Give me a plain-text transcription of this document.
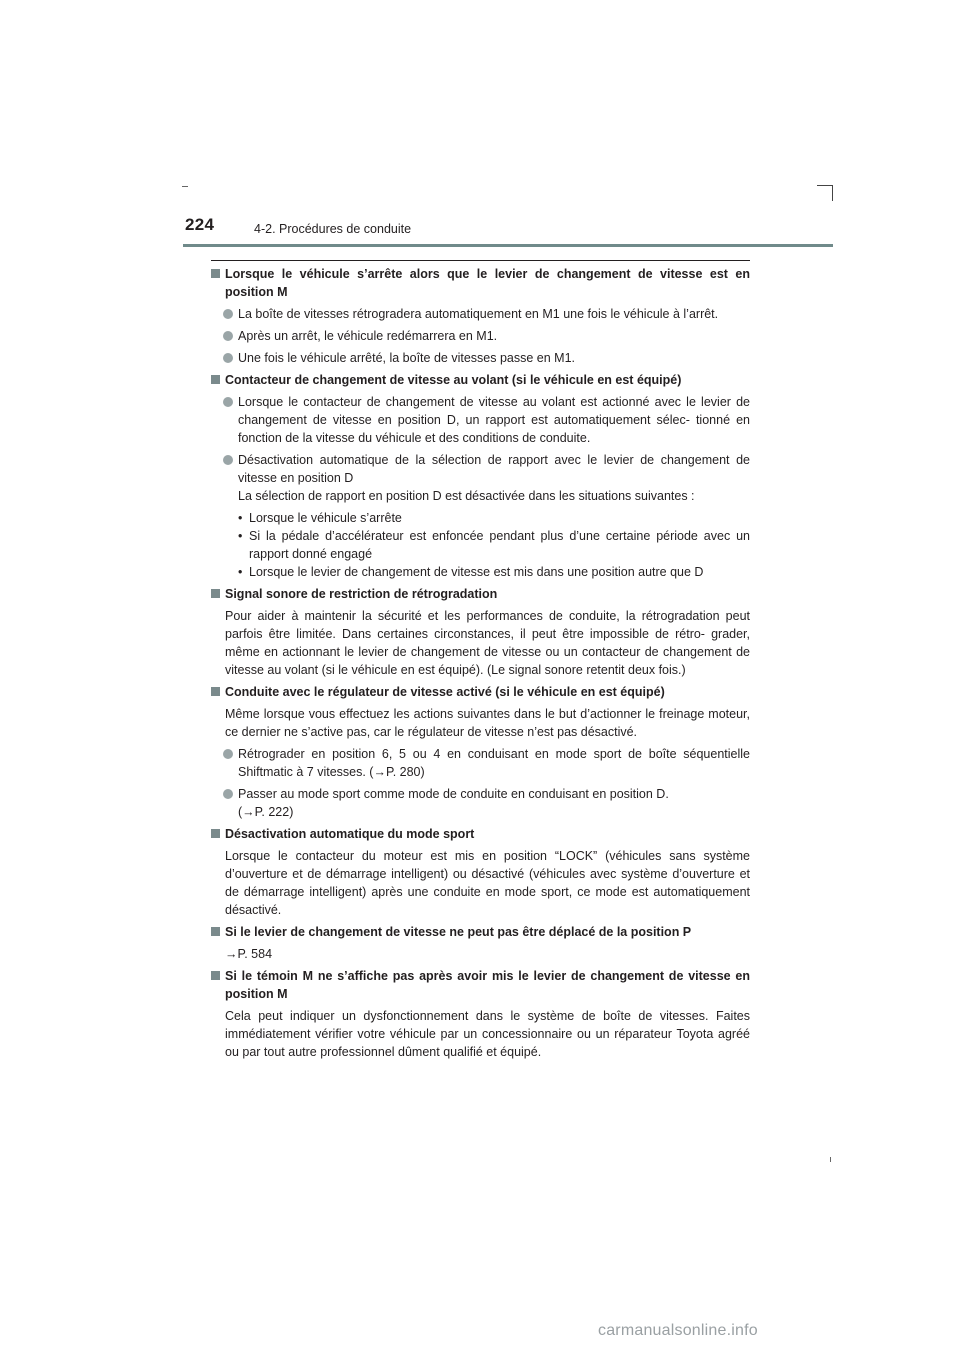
224	4-2. Procédures de conduite

Lorsque le véhicule s’arrête alors que le levier de changement de vitesse est en position M

La boîte de vitesses rétrogradera automatiquement en M1 une fois le véhicule à l’arrêt.

Après un arrêt, le véhicule redémarrera en M1.

Une fois le véhicule arrêté, la boîte de vitesses passe en M1.

Contacteur de changement de vitesse au volant (si le véhicule en est équipé)

Lorsque le contacteur de changement de vitesse au volant est actionné avec le levier de changement de vitesse en position D, un rapport est automatiquement sélec- tionné en fonction de la vitesse du véhicule et des conditions de conduite.

Désactivation automatique de la sélection de rapport avec le levier de changement de vitesse en position D
La sélection de rapport en position D est désactivée dans les situations suivantes :

• Lorsque le véhicule s’arrête

• Si la pédale d’accélérateur est enfoncée pendant plus d’une certaine période avec un rapport donné engagé

• Lorsque le levier de changement de vitesse est mis dans une position autre que D

Signal sonore de restriction de rétrogradation

Pour aider à maintenir la sécurité et les performances de conduite, la rétrogradation peut parfois être limitée. Dans certaines circonstances, il peut être impossible de rétro- grader, même en actionnant le levier de changement de vitesse ou un contacteur de changement de vitesse au volant (si le véhicule en est équipé). (Le signal sonore retentit deux fois.)

Conduite avec le régulateur de vitesse activé (si le véhicule en est équipé)

Même lorsque vous effectuez les actions suivantes dans le but d’actionner le freinage moteur, ce dernier ne s’active pas, car le régulateur de vitesse n’est pas désactivé.

Rétrograder en position 6, 5 ou 4 en conduisant en mode sport de boîte séquentielle Shiftmatic à 7 vitesses. (→P. 280)

Passer au mode sport comme mode de conduite en conduisant en position D.
(→P. 222)

Désactivation automatique du mode sport

Lorsque le contacteur du moteur est mis en position “LOCK” (véhicules sans système d’ouverture et de démarrage intelligent) ou désactivé (véhicules avec système d’ouverture et de démarrage intelligent) après une conduite en mode sport, ce mode est automatiquement désactivé.

Si le levier de changement de vitesse ne peut pas être déplacé de la position P

→P. 584

Si le témoin M ne s’affiche pas après avoir mis le levier de changement de vitesse en position M

Cela peut indiquer un dysfonctionnement dans le système de boîte de vitesses. Faites immédiatement vérifier votre véhicule par un concessionnaire ou un réparateur Toyota agréé ou par tout autre professionnel dûment qualifié et équipé.

carmanualsonline.info
